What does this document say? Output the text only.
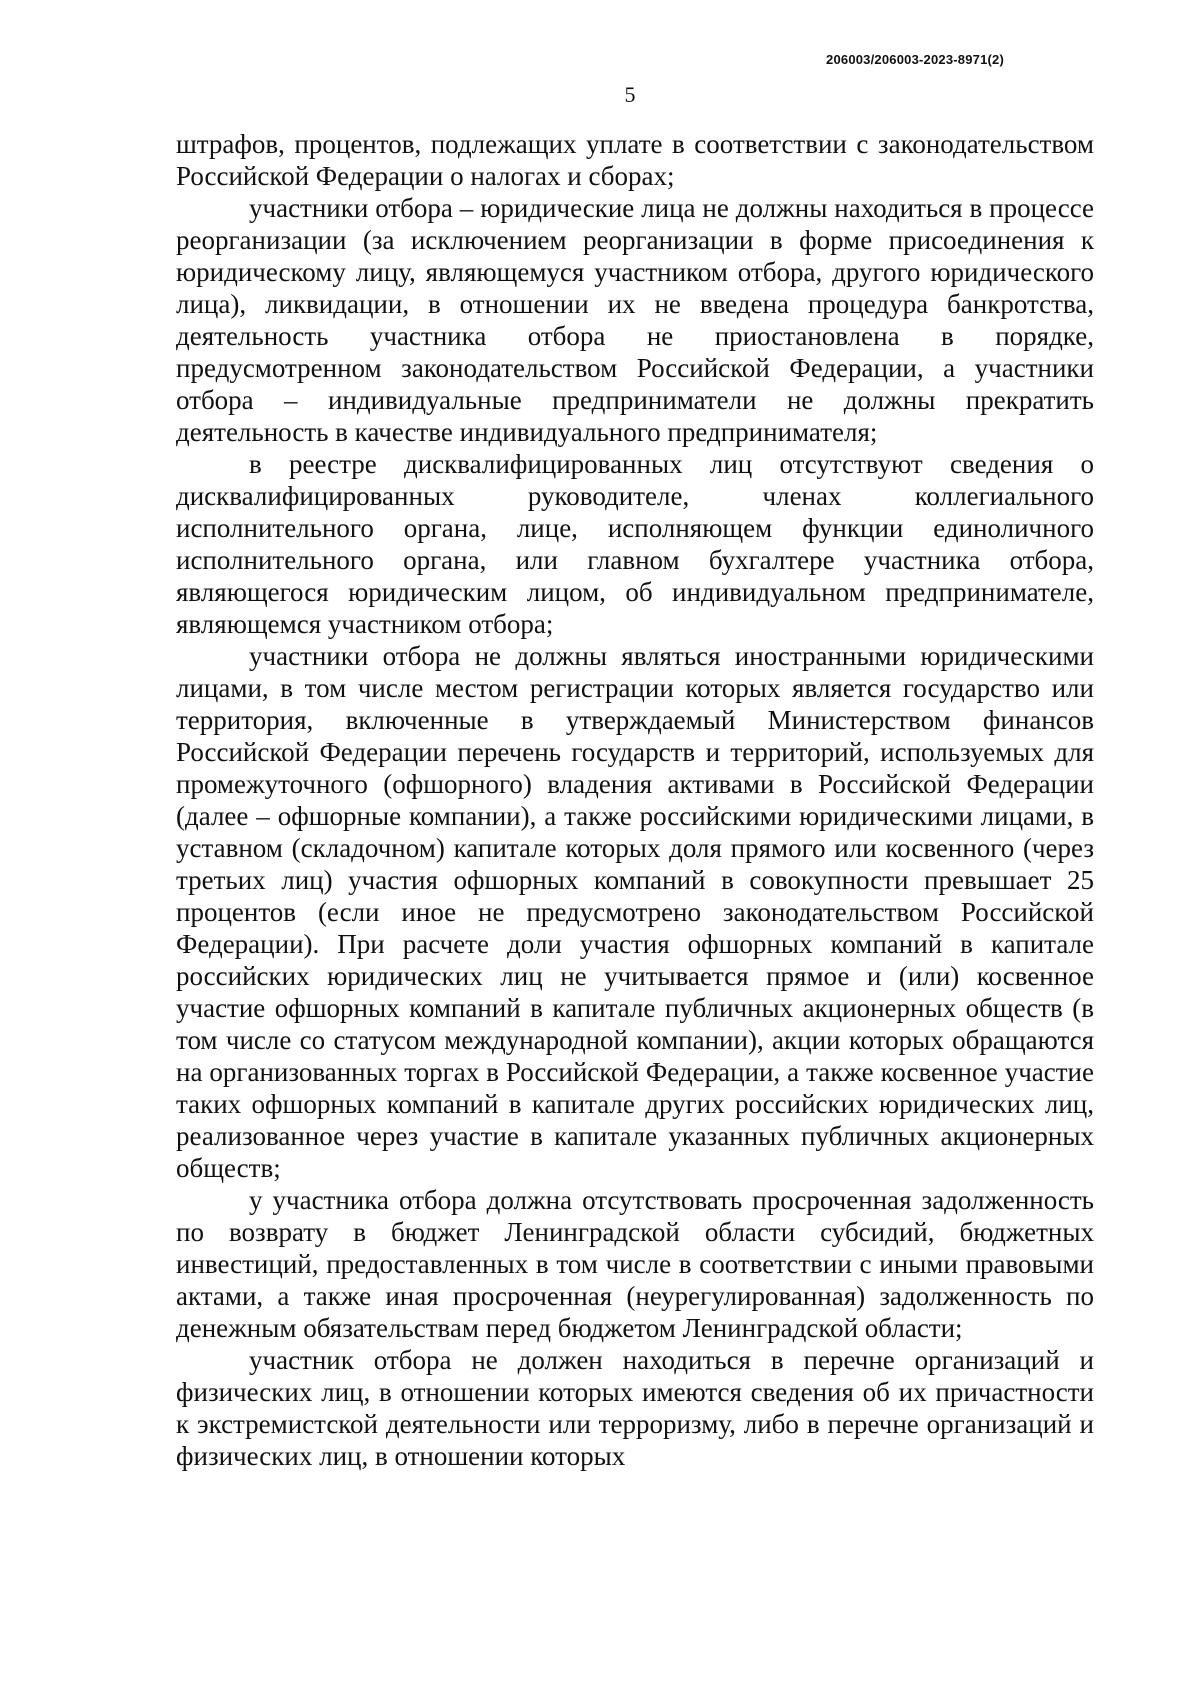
206003/206003-2023-8971(2)
5

штрафов, процентов, подлежащих уплате в соответствии с законодательством Российской Федерации о налогах и сборах;

участники отбора – юридические лица не должны находиться в процессе реорганизации (за исключением реорганизации в форме присоединения к юридическому лицу, являющемуся участником отбора, другого юридического лица), ликвидации, в отношении их не введена процедура банкротства, деятельность участника отбора не приостановлена в порядке, предусмотренном законодательством Российской Федерации, а участники отбора – индивидуальные предприниматели не должны прекратить деятельность в качестве индивидуального предпринимателя;

в реестре дисквалифицированных лиц отсутствуют сведения о дисквалифицированных руководителе, членах коллегиального исполнительного органа, лице, исполняющем функции единоличного исполнительного органа, или главном бухгалтере участника отбора, являющегося юридическим лицом, об индивидуальном предпринимателе, являющемся участником отбора;

участники отбора не должны являться иностранными юридическими лицами, в том числе местом регистрации которых является государство или территория, включенные в утверждаемый Министерством финансов Российской Федерации перечень государств и территорий, используемых для промежуточного (офшорного) владения активами в Российской Федерации (далее – офшорные компании), а также российскими юридическими лицами, в уставном (складочном) капитале которых доля прямого или косвенного (через третьих лиц) участия офшорных компаний в совокупности превышает 25 процентов (если иное не предусмотрено законодательством Российской Федерации). При расчете доли участия офшорных компаний в капитале российских юридических лиц не учитывается прямое и (или) косвенное участие офшорных компаний в капитале публичных акционерных обществ (в том числе со статусом международной компании), акции которых обращаются на организованных торгах в Российской Федерации, а также косвенное участие таких офшорных компаний в капитале других российских юридических лиц, реализованное через участие в капитале указанных публичных акционерных обществ;

у участника отбора должна отсутствовать просроченная задолженность по возврату в бюджет Ленинградской области субсидий, бюджетных инвестиций, предоставленных в том числе в соответствии с иными правовыми актами, а также иная просроченная (неурегулированная) задолженность по денежным обязательствам перед бюджетом Ленинградской области;

участник отбора не должен находиться в перечне организаций и физических лиц, в отношении которых имеются сведения об их причастности к экстремистской деятельности или терроризму, либо в перечне организаций и физических лиц, в отношении которых
